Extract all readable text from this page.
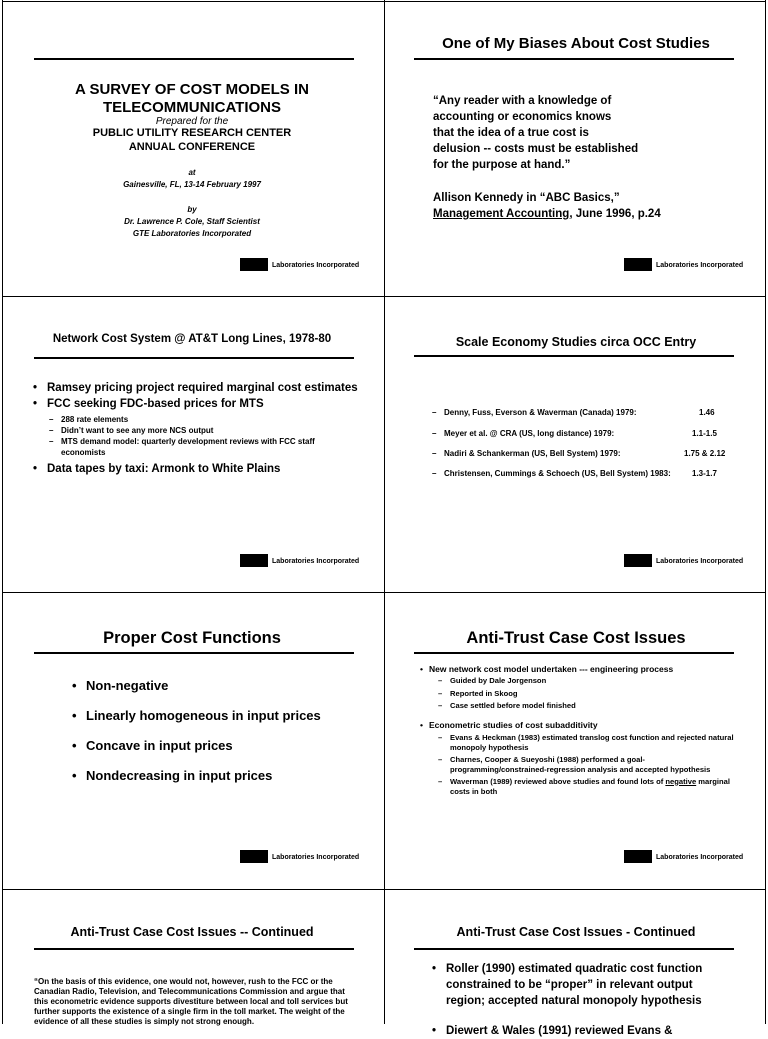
A SURVEY OF COST MODELS IN
TELECOMMUNICATIONS
Prepared for the
PUBLIC UTILITY RESEARCH CENTER
ANNUAL CONFERENCE
at
Gainesville, FL, 13-14 February 1997
by
Dr. Lawrence P. Cole, Staff Scientist
GTE Laboratories Incorporated
Laboratories Incorporated
One of My Biases About Cost Studies
“Any reader with a knowledge of
accounting or economics knows
that the idea of a true cost is
delusion -- costs must be established
for the purpose at hand.”
Allison Kennedy in “ABC Basics,”
Management Accounting, June 1996, p.24
Laboratories Incorporated
Network Cost System @ AT&T Long Lines, 1978-80
• Ramsey pricing project required marginal cost estimates
• FCC seeking FDC-based prices for MTS
– 288 rate elements
– Didn’t want to see any more NCS output
– MTS demand model: quarterly development reviews with FCC staff economists
• Data tapes by taxi: Armonk to White Plains
Laboratories Incorporated
Scale Economy Studies circa OCC Entry
– Denny, Fuss, Everson & Waverman (Canada) 1979:	1.46
– Meyer et al. @ CRA (US, long distance) 1979:	1.1-1.5
– Nadiri & Schankerman (US, Bell System) 1979:	1.75 & 2.12
– Christensen, Cummings & Schoech (US, Bell System) 1983:	1.3-1.7
Laboratories Incorporated
Proper Cost Functions
• Non-negative
• Linearly homogeneous in input prices
• Concave in input prices
• Nondecreasing in input prices
Laboratories Incorporated
Anti-Trust Case Cost Issues
• New network cost model undertaken --- engineering process
– Guided by Dale Jorgenson
– Reported in Skoog
– Case settled before model finished
• Econometric studies of cost subadditivity
– Evans & Heckman (1983) estimated translog cost function and rejected natural monopoly hypothesis
– Charnes, Cooper & Sueyoshi (1988) performed a goal-programming/constrained-regression analysis and accepted hypothesis
– Waverman (1989) reviewed above studies and found lots of negative marginal costs in both
Laboratories Incorporated
Anti-Trust Case Cost Issues -- Continued
“On the basis of this evidence, one would not, however, rush to the FCC or the Canadian Radio, Television, and Telecommunications Commission and argue that this econometric evidence supports divestiture between local and toll services but further supports the existence of a single firm in the toll market. The weight of the evidence of all these studies is simply not strong enough.
Anti-Trust Case Cost Issues - Continued
• Roller (1990) estimated quadratic cost function constrained to be “proper” in relevant output region; accepted natural monopoly hypothesis
• Diewert & Wales (1991) reviewed Evans &
